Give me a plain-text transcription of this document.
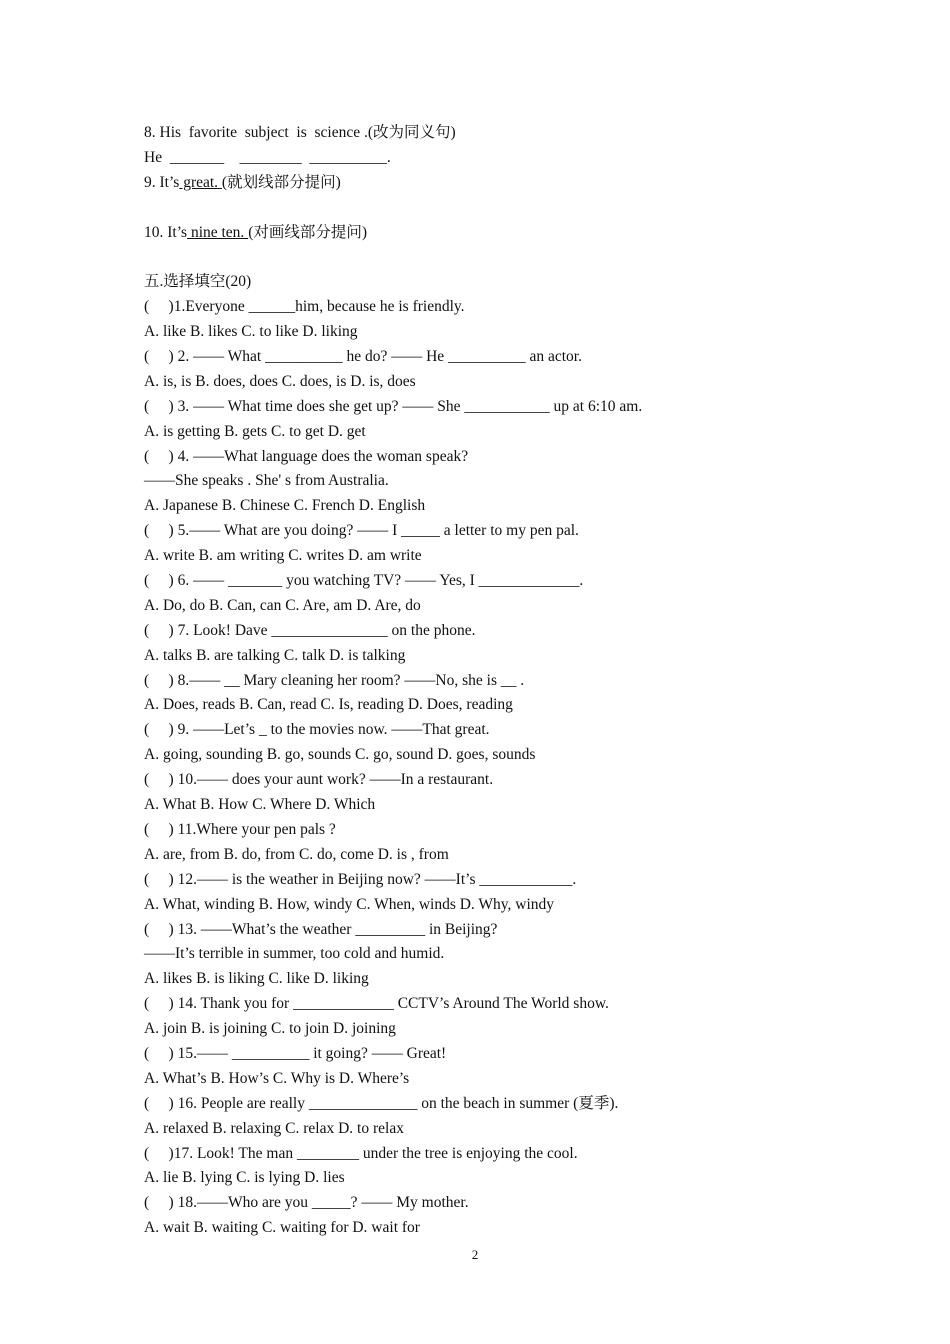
8. His  favorite  subject  is  science .(改为同义句)
He  _______    ________  __________.
9. It’s great. (就划线部分提问)
10. It’s nine ten. (对画线部分提问)
五.选择填空(20)
(     )1.Everyone ______him, because he is friendly.
A. like B. likes C. to like D. liking
(     ) 2. —— What __________ he do? —— He __________ an actor.
A. is, is B. does, does C. does, is D. is, does
(     ) 3. —— What time does she get up? —— She ___________ up at 6:10 am.
A. is getting B. gets C. to get D. get
(     ) 4. ——What language does the woman speak?
——She speaks . She' s from Australia.
A. Japanese B. Chinese C. French D. English
(     ) 5.—— What are you doing? —— I _____ a letter to my pen pal.
A. write B. am writing C. writes D. am write
(     ) 6. —— _______ you watching TV? —— Yes, I _____________.
A. Do, do B. Can, can C. Are, am D. Are, do
(     ) 7. Look! Dave _______________ on the phone.
A. talks B. are talking C. talk D. is talking
(     ) 8.—— __ Mary cleaning her room? ——No, she is __ .
A. Does, reads B. Can, read C. Is, reading D. Does, reading
(     ) 9. ——Let’s _ to the movies now. ——That great.
A. going, sounding B. go, sounds C. go, sound D. goes, sounds
(     ) 10.—— does your aunt work? ——In a restaurant.
A. What B. How C. Where D. Which
(     ) 11.Where your pen pals ?
A. are, from B. do, from C. do, come D. is , from
(     ) 12.—— is the weather in Beijing now? ——It’s ____________.
A. What, winding B. How, windy C. When, winds D. Why, windy
(     ) 13. ——What’s the weather _________ in Beijing?
——It’s terrible in summer, too cold and humid.
A. likes B. is liking C. like D. liking
(     ) 14. Thank you for _____________ CCTV’s Around The World show.
A. join B. is joining C. to join D. joining
(     ) 15.—— __________ it going? —— Great!
A. What’s B. How’s C. Why is D. Where’s
(     ) 16. People are really ______________ on the beach in summer (夏季).
A. relaxed B. relaxing C. relax D. to relax
(     )17. Look! The man ________ under the tree is enjoying the cool.
A. lie B. lying C. is lying D. lies
(     ) 18.——Who are you _____? —— My mother.
A. wait B. waiting C. waiting for D. wait for
2
